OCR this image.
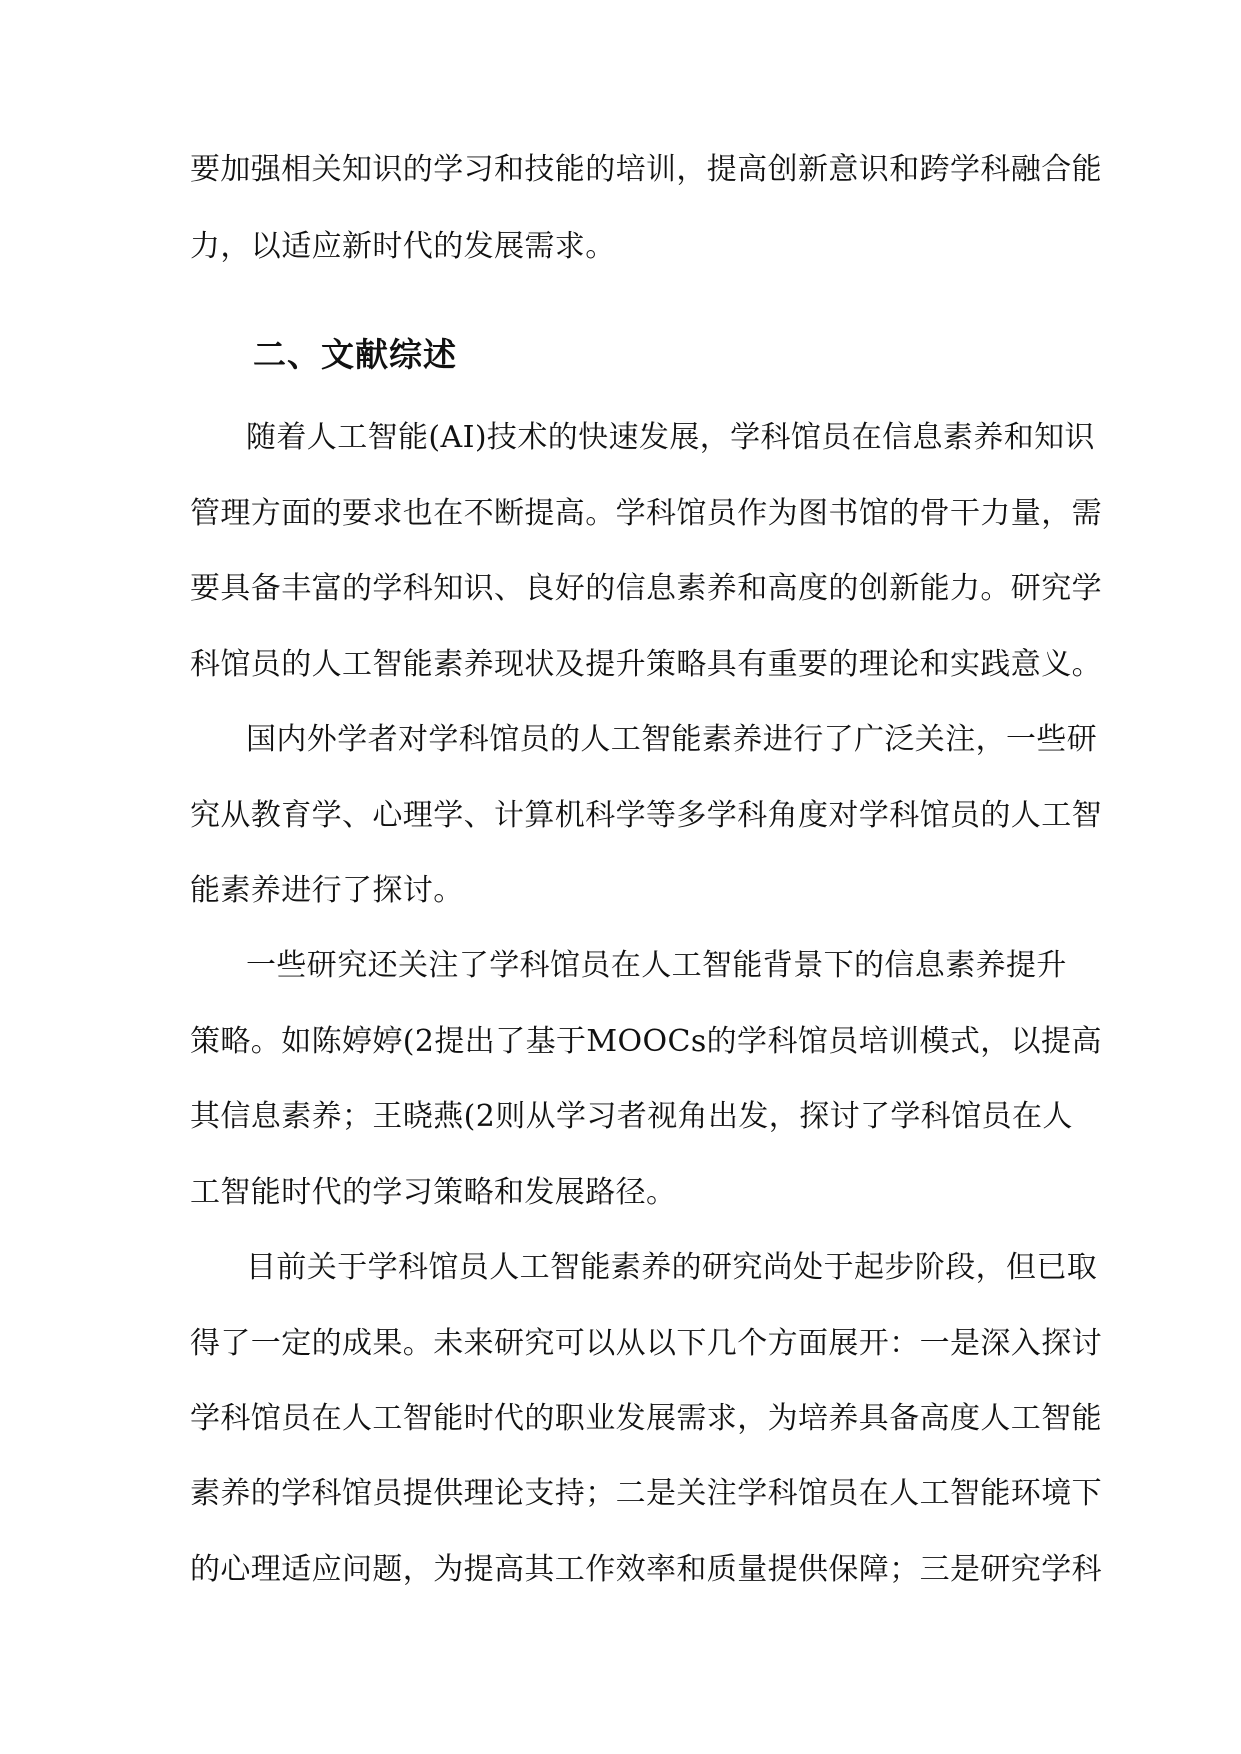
要加强相关知识的学习和技能的培训，提高创新意识和跨学科融合能
力，以适应新时代的发展需求。
二、文献综述
随着人工智能(AI)技术的快速发展，学科馆员在信息素养和知识
管理方面的要求也在不断提高。学科馆员作为图书馆的骨干力量，需
要具备丰富的学科知识、良好的信息素养和高度的创新能力。研究学
科馆员的人工智能素养现状及提升策略具有重要的理论和实践意义。
国内外学者对学科馆员的人工智能素养进行了广泛关注，一些研
究从教育学、心理学、计算机科学等多学科角度对学科馆员的人工智
能素养进行了探讨。
一些研究还关注了学科馆员在人工智能背景下的信息素养提升
策略。如陈婷婷(2提出了基于MOOCs的学科馆员培训模式，以提高
其信息素养；王晓燕(2则从学习者视角出发，探讨了学科馆员在人
工智能时代的学习策略和发展路径。
目前关于学科馆员人工智能素养的研究尚处于起步阶段，但已取
得了一定的成果。未来研究可以从以下几个方面展开：一是深入探讨
学科馆员在人工智能时代的职业发展需求，为培养具备高度人工智能
素养的学科馆员提供理论支持；二是关注学科馆员在人工智能环境下
的心理适应问题，为提高其工作效率和质量提供保障；三是研究学科
